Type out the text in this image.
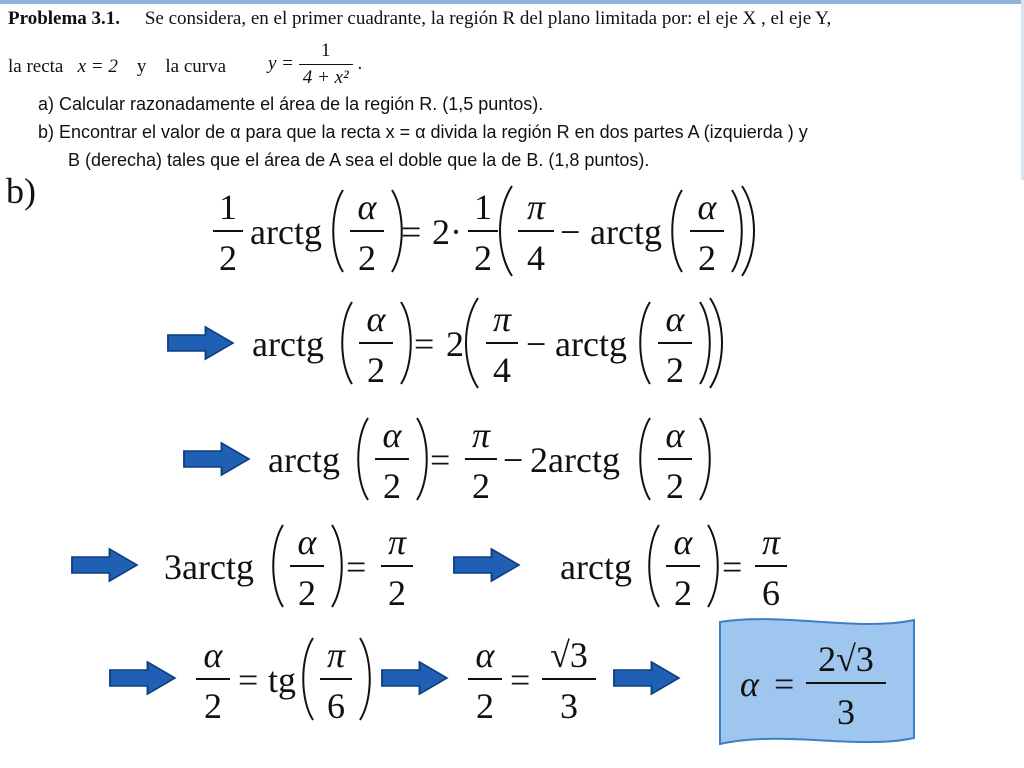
Problema 3.1. Se considera, en el primer cuadrante, la región R del plano limitada por: el eje X , el eje Y,
la recta x = 2 y la curva $y = \frac{1}{\text{4 + x²}}$ .
a) Calcular razonadamente el área de la región R. (1,5 puntos).
b) Encontrar el valor de α para que la recta x = α divida la región R en dos partes A (izquierda ) y
B (derecha) tales que el área de A sea el doble que la de B. (1,8 puntos).
b)	1
2
arctg
α
2
= 2·
1
2
π
4
− arctg
α
2
arctg
α
2
= 2
π
4
− arctg
α
2
arctg
α
2
=
π
2
− 2arctg
α
2
3arctg
α
2
=
π
2
arctg
α
2
=
π
6
α
2
= tg
π
6
α
2
=
√3
3
α =
2√3
3
